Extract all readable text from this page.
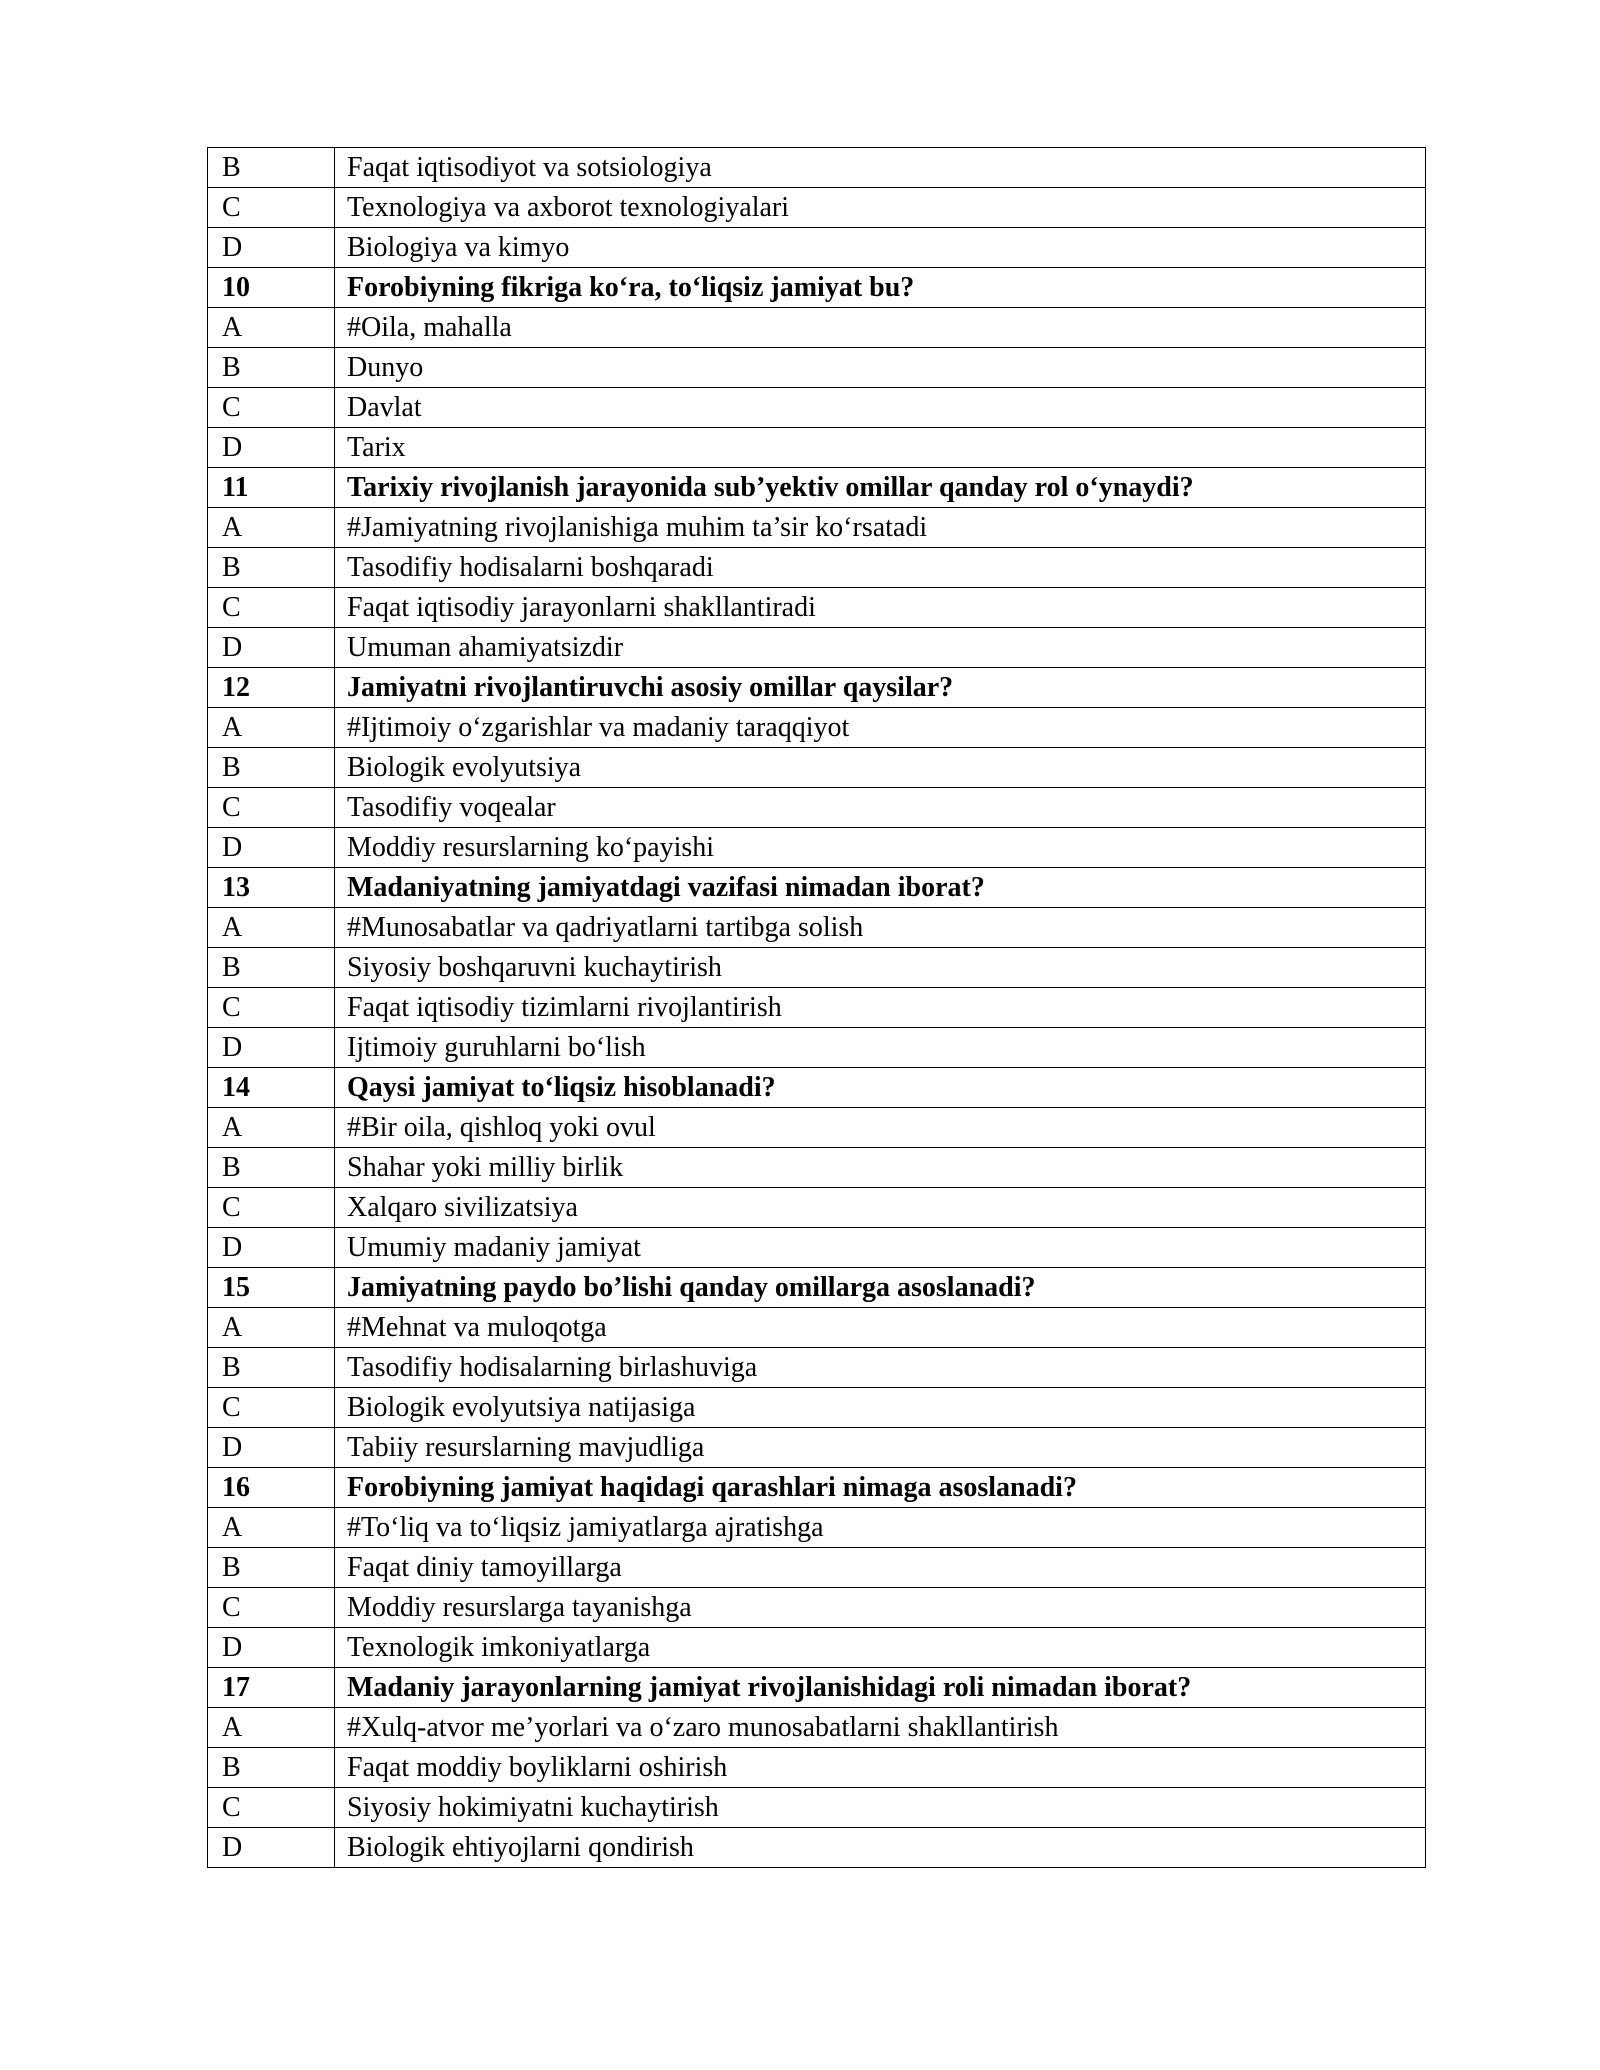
B	Faqat iqtisodiyot va sotsiologiya
C	Texnologiya va axborot texnologiyalari
D	Biologiya va kimyo
10	Forobiyning fikriga ko‘ra, to‘liqsiz jamiyat bu?
A	#Oila, mahalla
B	Dunyo
C	Davlat
D	Tarix
11	Tarixiy rivojlanish jarayonida sub’yektiv omillar qanday rol o‘ynaydi?
A	#Jamiyatning rivojlanishiga muhim ta’sir ko‘rsatadi
B	Tasodifiy hodisalarni boshqaradi
C	Faqat iqtisodiy jarayonlarni shakllantiradi
D	Umuman ahamiyatsizdir
12	Jamiyatni rivojlantiruvchi asosiy omillar qaysilar?
A	#Ijtimoiy o‘zgarishlar va madaniy taraqqiyot
B	Biologik evolyutsiya
C	Tasodifiy voqealar
D	Moddiy resurslarning ko‘payishi
13	Madaniyatning jamiyatdagi vazifasi nimadan iborat?
A	#Munosabatlar va qadriyatlarni tartibga solish
B	Siyosiy boshqaruvni kuchaytirish
C	Faqat iqtisodiy tizimlarni rivojlantirish
D	Ijtimoiy guruhlarni bo‘lish
14	Qaysi jamiyat to‘liqsiz hisoblanadi?
A	#Bir oila, qishloq yoki ovul
B	Shahar yoki milliy birlik
C	Xalqaro sivilizatsiya
D	Umumiy madaniy jamiyat
15	Jamiyatning paydo bo’lishi qanday omillarga asoslanadi?
A	#Mehnat va muloqotga
B	Tasodifiy hodisalarning birlashuviga
C	Biologik evolyutsiya natijasiga
D	Tabiiy resurslarning mavjudliga
16	Forobiyning jamiyat haqidagi qarashlari nimaga asoslanadi?
A	#To‘liq va to‘liqsiz jamiyatlarga ajratishga
B	Faqat diniy tamoyillarga
C	Moddiy resurslarga tayanishga
D	Texnologik imkoniyatlarga
17	Madaniy jarayonlarning jamiyat rivojlanishidagi roli nimadan iborat?
A	#Xulq-atvor me’yorlari va o‘zaro munosabatlarni shakllantirish
B	Faqat moddiy boyliklarni oshirish
C	Siyosiy hokimiyatni kuchaytirish
D	Biologik ehtiyojlarni qondirish
